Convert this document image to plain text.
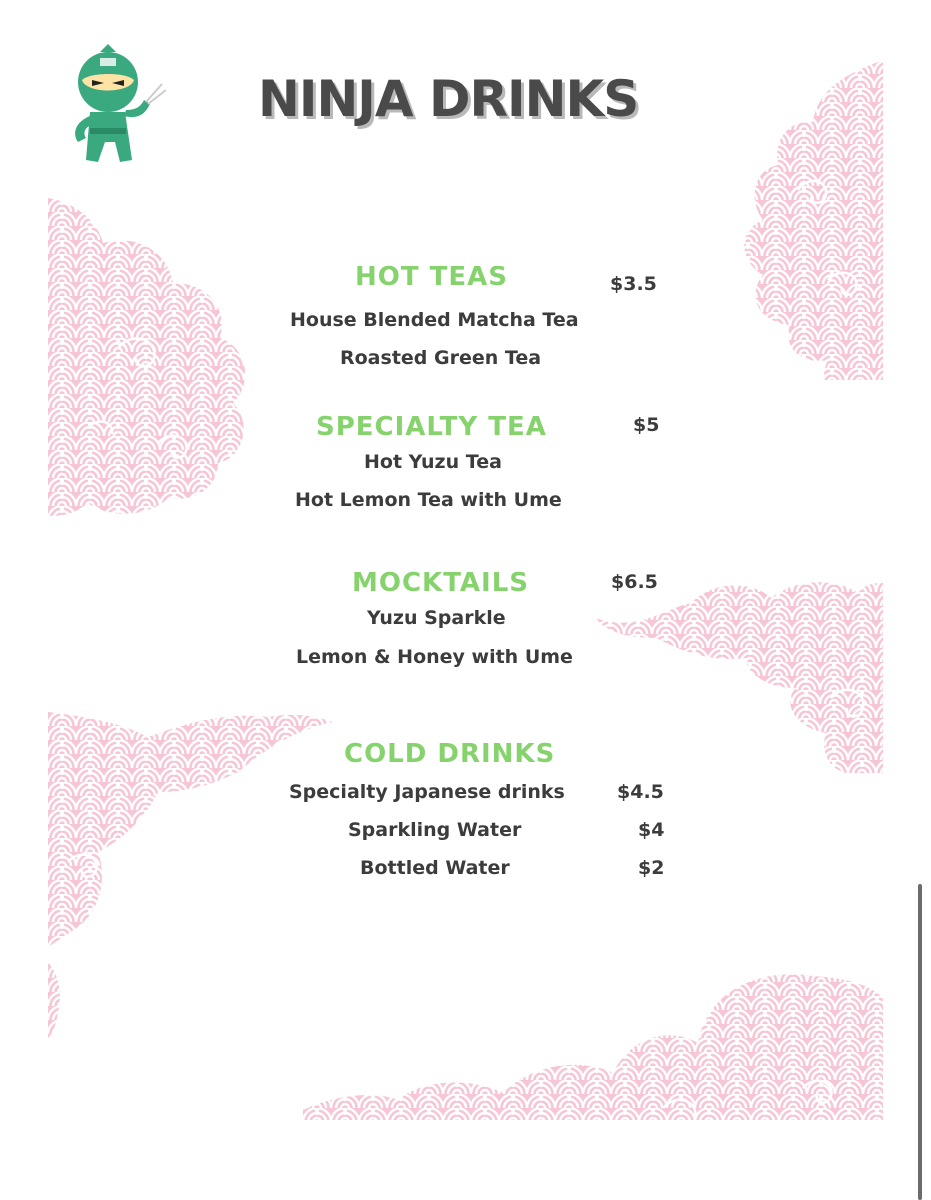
NINJA DRINKS
HOT TEAS	$3.5
House Blended Matcha Tea
Roasted Green Tea
SPECIALTY TEA	$5
Hot Yuzu Tea
Hot Lemon Tea with Ume
MOCKTAILS	$6.5
Yuzu Sparkle
Lemon & Honey with Ume
COLD DRINKS
Specialty Japanese drinks	$4.5
Sparkling Water	$4
Bottled Water	$2
